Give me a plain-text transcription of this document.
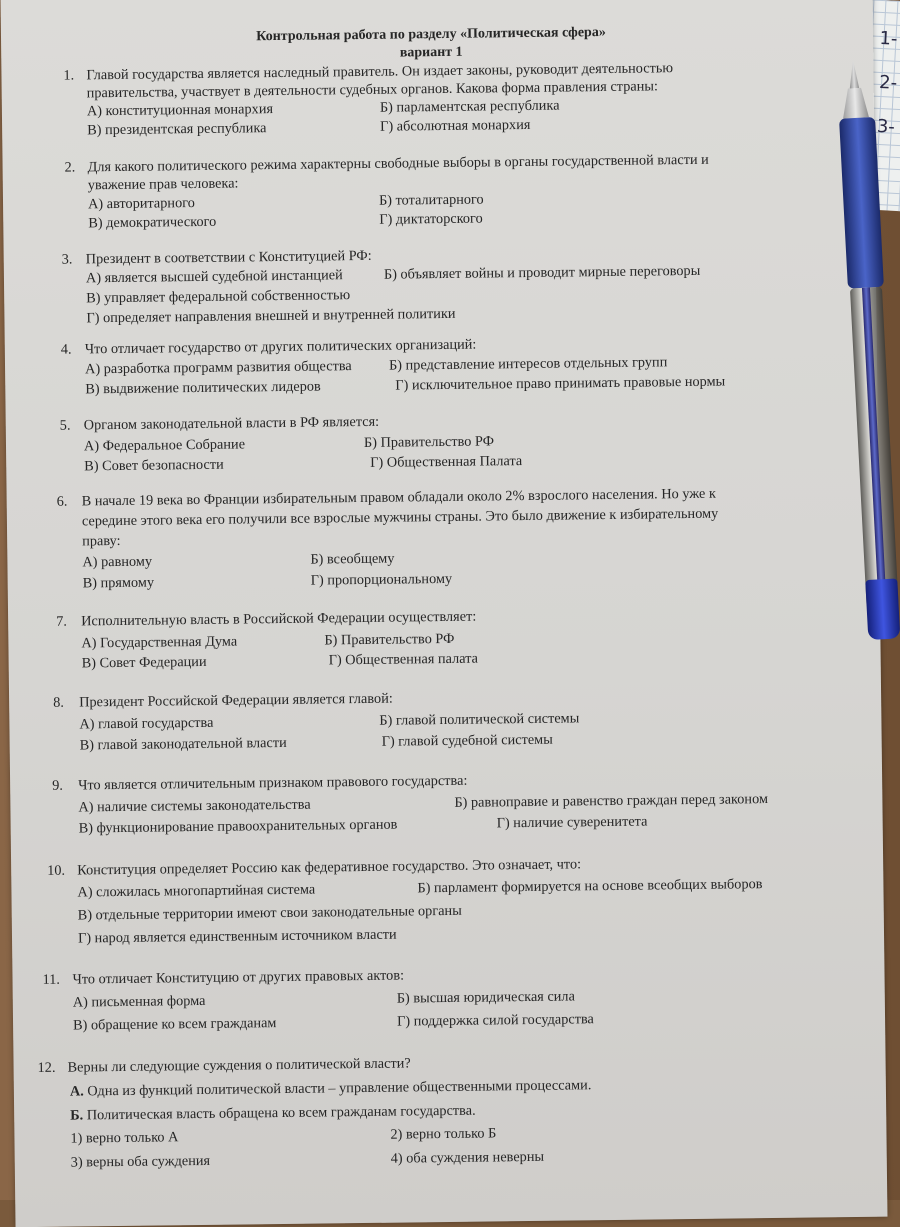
1-
2-
3-
Контрольная работа по разделу «Политическая сфера»
вариант 1
1. Главой государства является наследный правитель. Он издает законы, руководит деятельностью
правительства, участвует в деятельности судебных органов. Какова форма правления страны:
А) конституционная монархия	Б) парламентская республика
В) президентская республика	Г) абсолютная монархия
2. Для какого политического режима характерны свободные выборы в органы государственной власти и
уважение прав человека:
А) авторитарного	Б) тоталитарного
В) демократического	Г) диктаторского
3. Президент в соответствии с Конституцией РФ:
А) является высшей судебной инстанцией	Б) объявляет войны и проводит мирные переговоры
В) управляет федеральной собственностью
Г) определяет направления внешней и внутренней политики
4. Что отличает государство от других политических организаций:
А) разработка программ развития общества	Б) представление интересов отдельных групп
В) выдвижение политических лидеров	Г) исключительное право принимать правовые нормы
5. Органом законодательной власти в РФ является:
А) Федеральное Собрание	Б) Правительство РФ
В) Совет безопасности	Г) Общественная Палата
6. В начале 19 века во Франции избирательным правом обладали около 2% взрослого населения. Но уже к
середине этого века его получили все взрослые мужчины страны. Это было движение к избирательному
праву:
А) равному	Б) всеобщему
В) прямому	Г) пропорциональному
7. Исполнительную власть в Российской Федерации осуществляет:
А) Государственная Дума	Б) Правительство РФ
В) Совет Федерации	Г) Общественная палата
8. Президент Российской Федерации является главой:
А) главой государства	Б) главой политической системы
В) главой законодательной власти	Г) главой судебной системы
9. Что является отличительным признаком правового государства:
А) наличие системы законодательства	Б) равноправие и равенство граждан перед законом
В) функционирование правоохранительных органов	Г) наличие суверенитета
10. Конституция определяет Россию как федеративное государство. Это означает, что:
А) сложилась многопартийная система	Б) парламент формируется на основе всеобщих выборов
В) отдельные территории имеют свои законодательные органы
Г) народ является единственным источником власти
11. Что отличает Конституцию от других правовых актов:
А) письменная форма	Б) высшая юридическая сила
В) обращение ко всем гражданам	Г) поддержка силой государства
12. Верны ли следующие суждения о политической власти?
А. Одна из функций политической власти – управление общественными процессами.
Б. Политическая власть обращена ко всем гражданам государства.
1) верно только А	2) верно только Б
3) верны оба суждения	4) оба суждения неверны
